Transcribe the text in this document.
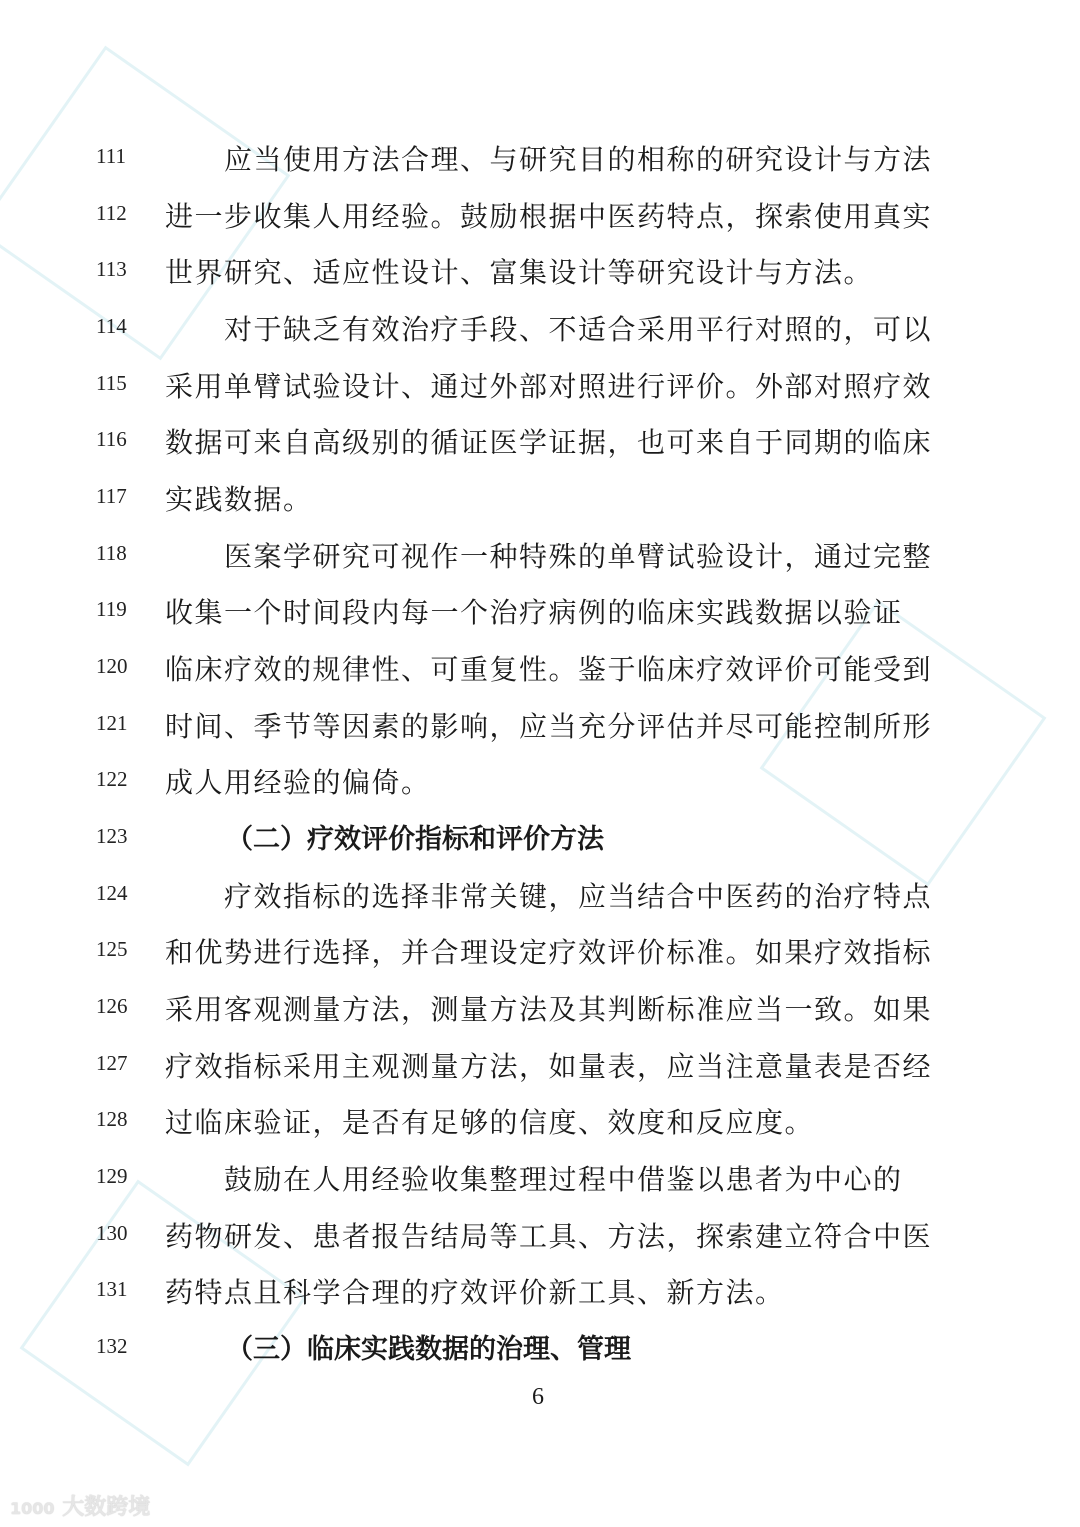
111	应当使用方法合理、与研究目的相称的研究设计与方法
112 进一步收集人用经验。鼓励根据中医药特点，探索使用真实
113 世界研究、适应性设计、富集设计等研究设计与方法。
114	对于缺乏有效治疗手段、不适合采用平行对照的，可以
115 采用单臂试验设计、通过外部对照进行评价。外部对照疗效
116 数据可来自高级别的循证医学证据，也可来自于同期的临床
117 实践数据。
118	医案学研究可视作一种特殊的单臂试验设计，通过完整
119 收集一个时间段内每一个治疗病例的临床实践数据以验证
120 临床疗效的规律性、可重复性。鉴于临床疗效评价可能受到
121 时间、季节等因素的影响，应当充分评估并尽可能控制所形
122 成人用经验的偏倚。
123	（二）疗效评价指标和评价方法
124	疗效指标的选择非常关键，应当结合中医药的治疗特点
125 和优势进行选择，并合理设定疗效评价标准。如果疗效指标
126 采用客观测量方法，测量方法及其判断标准应当一致。如果
127 疗效指标采用主观测量方法，如量表，应当注意量表是否经
128 过临床验证，是否有足够的信度、效度和反应度。
129	鼓励在人用经验收集整理过程中借鉴以患者为中心的
130 药物研发、患者报告结局等工具、方法，探索建立符合中医
131 药特点且科学合理的疗效评价新工具、新方法。
132	（三）临床实践数据的治理、管理
6
1000 大数跨境
